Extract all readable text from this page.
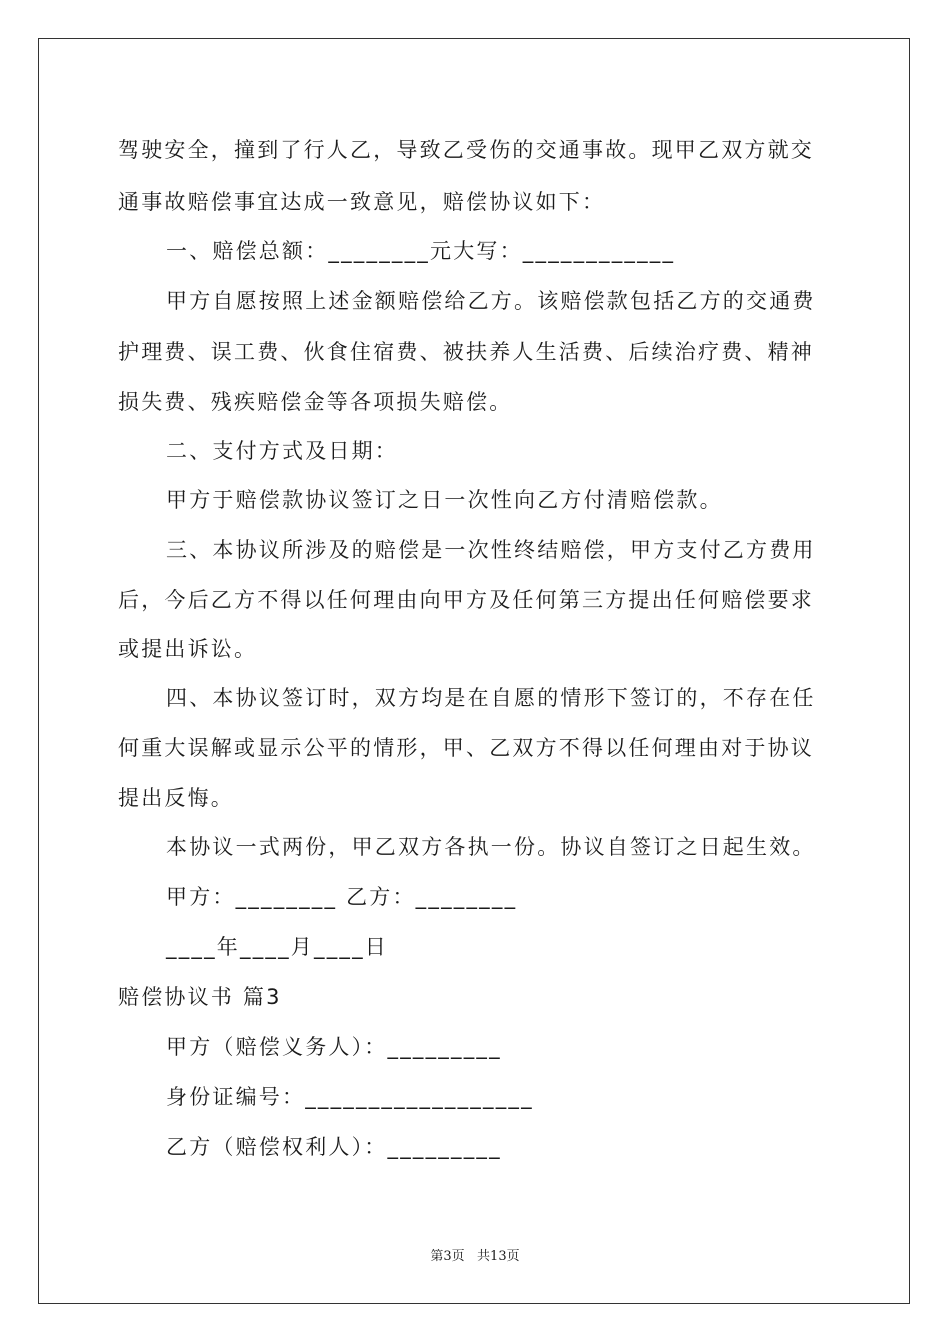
驾驶安全，撞到了行人乙，导致乙受伤的交通事故。现甲乙双方就交
通事故赔偿事宜达成一致意见，赔偿协议如下：
一、赔偿总额：________元大写：____________
甲方自愿按照上述金额赔偿给乙方。该赔偿款包括乙方的交通费
护理费、误工费、伙食住宿费、被扶养人生活费、后续治疗费、精神
损失费、残疾赔偿金等各项损失赔偿。
二、支付方式及日期：
甲方于赔偿款协议签订之日一次性向乙方付清赔偿款。
三、本协议所涉及的赔偿是一次性终结赔偿，甲方支付乙方费用
后，今后乙方不得以任何理由向甲方及任何第三方提出任何赔偿要求
或提出诉讼。
四、本协议签订时，双方均是在自愿的情形下签订的，不存在任
何重大误解或显示公平的情形，甲、乙双方不得以任何理由对于协议
提出反悔。
本协议一式两份，甲乙双方各执一份。协议自签订之日起生效。
甲方：________ 乙方：________
____年____月____日
赔偿协议书 篇3
甲方（赔偿义务人）：_________
身份证编号：__________________
乙方（赔偿权利人）：_________
第3页   共13页
